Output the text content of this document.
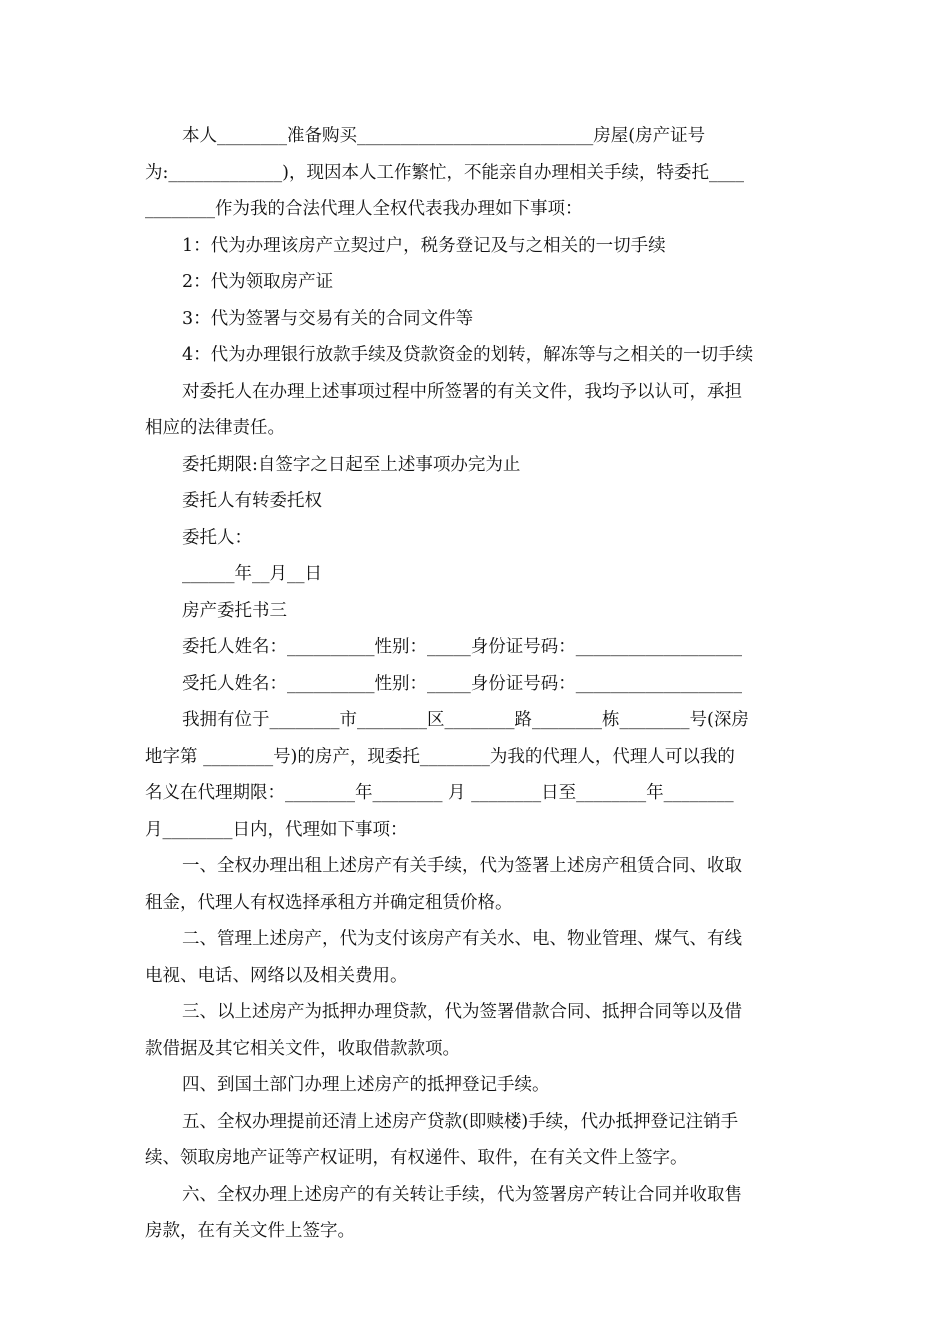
本人________准备购买___________________________房屋(房产证号

为:_____________)，现因本人工作繁忙，不能亲自办理相关手续，特委托____

________作为我的合法代理人全权代表我办理如下事项：

1：代为办理该房产立契过户，税务登记及与之相关的一切手续

2：代为领取房产证

3：代为签署与交易有关的合同文件等

4：代为办理银行放款手续及贷款资金的划转，解冻等与之相关的一切手续

对委托人在办理上述事项过程中所签署的有关文件，我均予以认可，承担

相应的法律责任。

委托期限:自签字之日起至上述事项办完为止

委托人有转委托权

委托人：

______年__月__日

房产委托书三

委托人姓名：__________性别：_____身份证号码：___________________

受托人姓名：__________性别：_____身份证号码：___________________

我拥有位于________市________区________路________栋________号(深房

地字第 ________号)的房产，现委托________为我的代理人，代理人可以我的

名义在代理期限：________年________ 月 ________日至________年________

月________日内，代理如下事项：

一、全权办理出租上述房产有关手续，代为签署上述房产租赁合同、收取

租金，代理人有权选择承租方并确定租赁价格。

二、管理上述房产，代为支付该房产有关水、电、物业管理、煤气、有线

电视、电话、网络以及相关费用。

三、以上述房产为抵押办理贷款，代为签署借款合同、抵押合同等以及借

款借据及其它相关文件，收取借款款项。

四、到国土部门办理上述房产的抵押登记手续。

五、全权办理提前还清上述房产贷款(即赎楼)手续，代办抵押登记注销手

续、领取房地产证等产权证明，有权递件、取件，在有关文件上签字。

六、全权办理上述房产的有关转让手续，代为签署房产转让合同并收取售

房款，在有关文件上签字。
